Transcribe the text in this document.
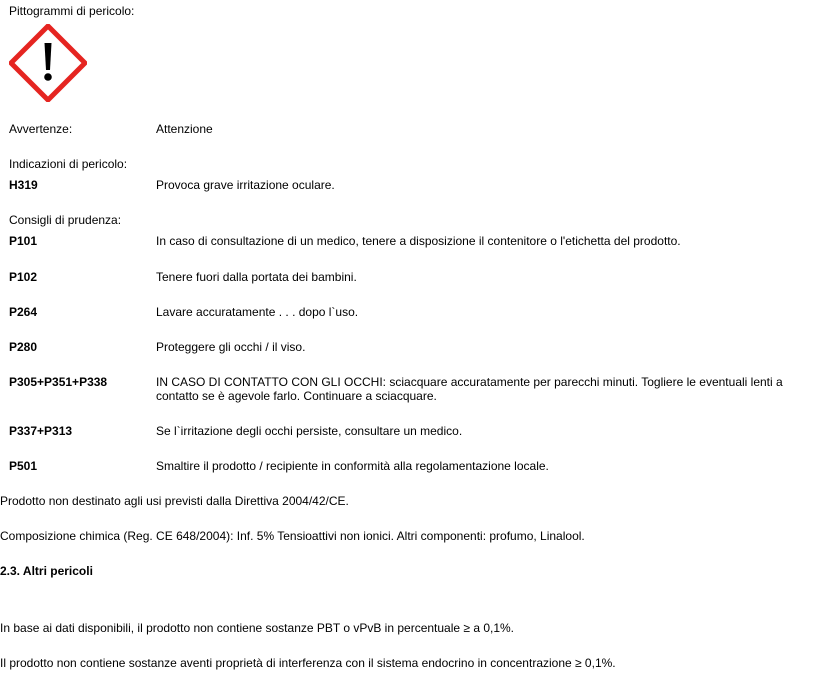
Pittogrammi di pericolo:
Avvertenze:	Attenzione
Indicazioni di pericolo:
H319	Provoca grave irritazione oculare.
Consigli di prudenza:
P101	In caso di consultazione di un medico, tenere a disposizione il contenitore o l'etichetta del prodotto.
P102	Tenere fuori dalla portata dei bambini.
P264	Lavare accuratamente . . . dopo l`uso.
P280	Proteggere gli occhi / il viso.
P305+P351+P338	IN CASO DI CONTATTO CON GLI OCCHI: sciacquare accuratamente per parecchi minuti. Togliere le eventuali lenti a contatto se è agevole farlo. Continuare a sciacquare.
P337+P313	Se l`irritazione degli occhi persiste, consultare un medico.
P501	Smaltire il prodotto / recipiente in conformità alla regolamentazione locale.
Prodotto non destinato agli usi previsti dalla Direttiva 2004/42/CE.
Composizione chimica (Reg. CE 648/2004): Inf. 5% Tensioattivi non ionici. Altri componenti: profumo, Linalool.
2.3. Altri pericoli
In base ai dati disponibili, il prodotto non contiene sostanze PBT o vPvB in percentuale ≥ a 0,1%.
Il prodotto non contiene sostanze aventi proprietà di interferenza con il sistema endocrino in concentrazione ≥ 0,1%.
